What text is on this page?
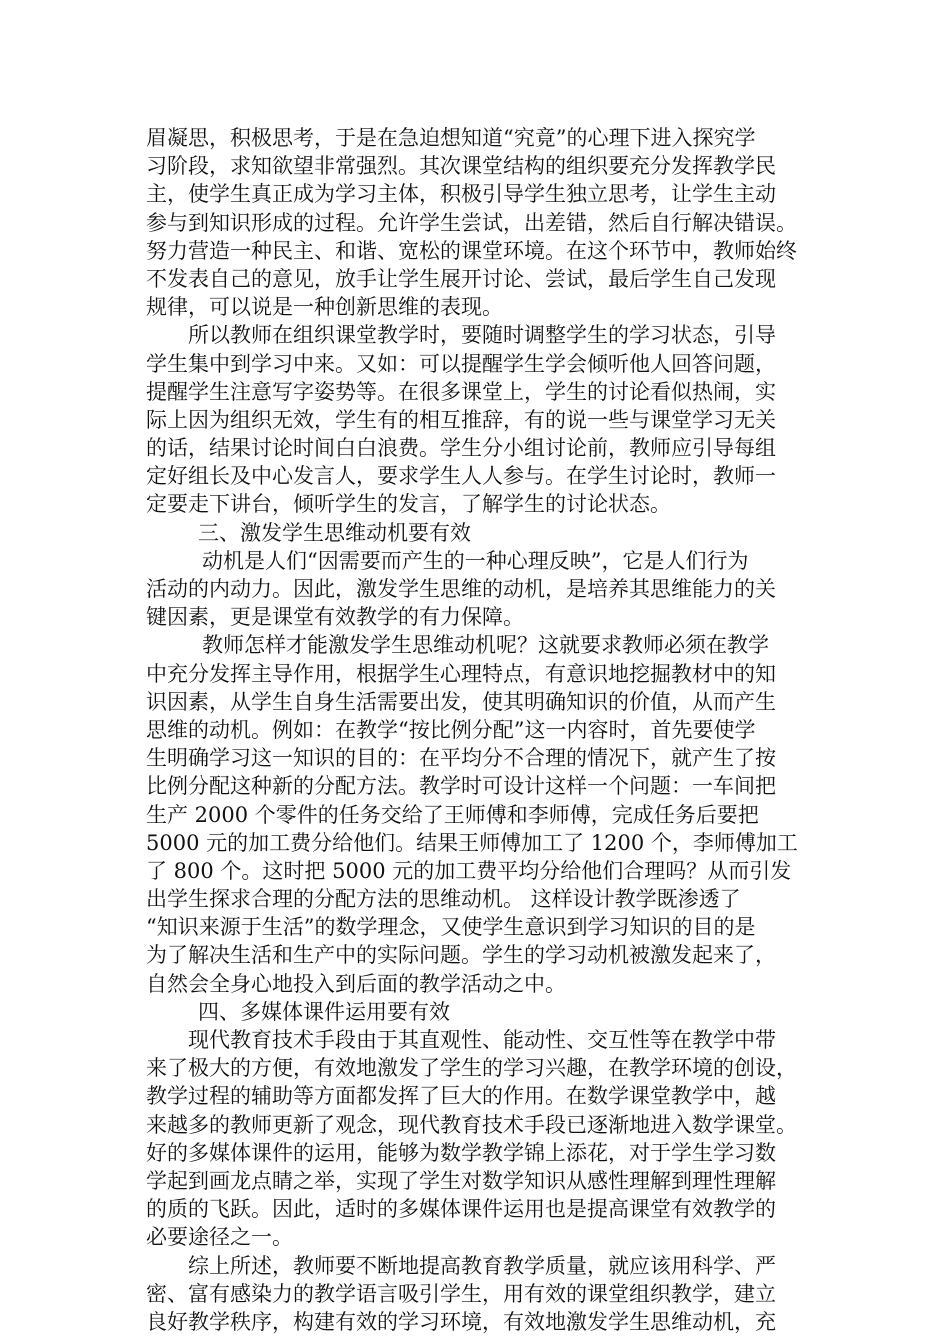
眉凝思，积极思考，于是在急迫想知道“究竟”的心理下进入探究学
习阶段，求知欲望非常强烈。其次课堂结构的组织要充分发挥教学民
主，使学生真正成为学习主体，积极引导学生独立思考，让学生主动
参与到知识形成的过程。允许学生尝试，出差错，然后自行解决错误。
努力营造一种民主、和谐、宽松的课堂环境。在这个环节中，教师始终
不发表自己的意见，放手让学生展开讨论、尝试，最后学生自己发现
规律，可以说是一种创新思维的表现。
所以教师在组织课堂教学时，要随时调整学生的学习状态，引导
学生集中到学习中来。又如：可以提醒学生学会倾听他人回答问题，
提醒学生注意写字姿势等。在很多课堂上，学生的讨论看似热闹，实
际上因为组织无效，学生有的相互推辞，有的说一些与课堂学习无关
的话，结果讨论时间白白浪费。学生分小组讨论前，教师应引导每组
定好组长及中心发言人，要求学生人人参与。在学生讨论时，教师一
定要走下讲台，倾听学生的发言，了解学生的讨论状态。
三、激发学生思维动机要有效
动机是人们“因需要而产生的一种心理反映”，它是人们行为
活动的内动力。因此，激发学生思维的动机，是培养其思维能力的关
键因素，更是课堂有效教学的有力保障。
教师怎样才能激发学生思维动机呢？这就要求教师必须在教学
中充分发挥主导作用，根据学生心理特点，有意识地挖掘教材中的知
识因素，从学生自身生活需要出发，使其明确知识的价值，从而产生
思维的动机。例如：在教学“按比例分配”这一内容时，首先要使学
生明确学习这一知识的目的：在平均分不合理的情况下，就产生了按
比例分配这种新的分配方法。教学时可设计这样一个问题：一车间把
生产 2000 个零件的任务交给了王师傅和李师傅，完成任务后要把
5000 元的加工费分给他们。结果王师傅加工了 1200 个，李师傅加工
了 800 个。这时把 5000 元的加工费平均分给他们合理吗？从而引发
出学生探求合理的分配方法的思维动机。 这样设计教学既渗透了
“知识来源于生活”的数学理念，又使学生意识到学习知识的目的是
为了解决生活和生产中的实际问题。学生的学习动机被激发起来了，
自然会全身心地投入到后面的教学活动之中。
四、多媒体课件运用要有效
现代教育技术手段由于其直观性、能动性、交互性等在教学中带
来了极大的方便，有效地激发了学生的学习兴趣，在教学环境的创设，
教学过程的辅助等方面都发挥了巨大的作用。在数学课堂教学中，越
来越多的教师更新了观念，现代教育技术手段已逐渐地进入数学课堂。
好的多媒体课件的运用，能够为数学教学锦上添花，对于学生学习数
学起到画龙点睛之举，实现了学生对数学知识从感性理解到理性理解
的质的飞跃。因此，适时的多媒体课件运用也是提高课堂有效教学的
必要途径之一。
综上所述，教师要不断地提高教育教学质量，就应该用科学、严
密、富有感染力的教学语言吸引学生，用有效的课堂组织教学，建立
良好教学秩序，构建有效的学习环境，有效地激发学生思维动机，充
